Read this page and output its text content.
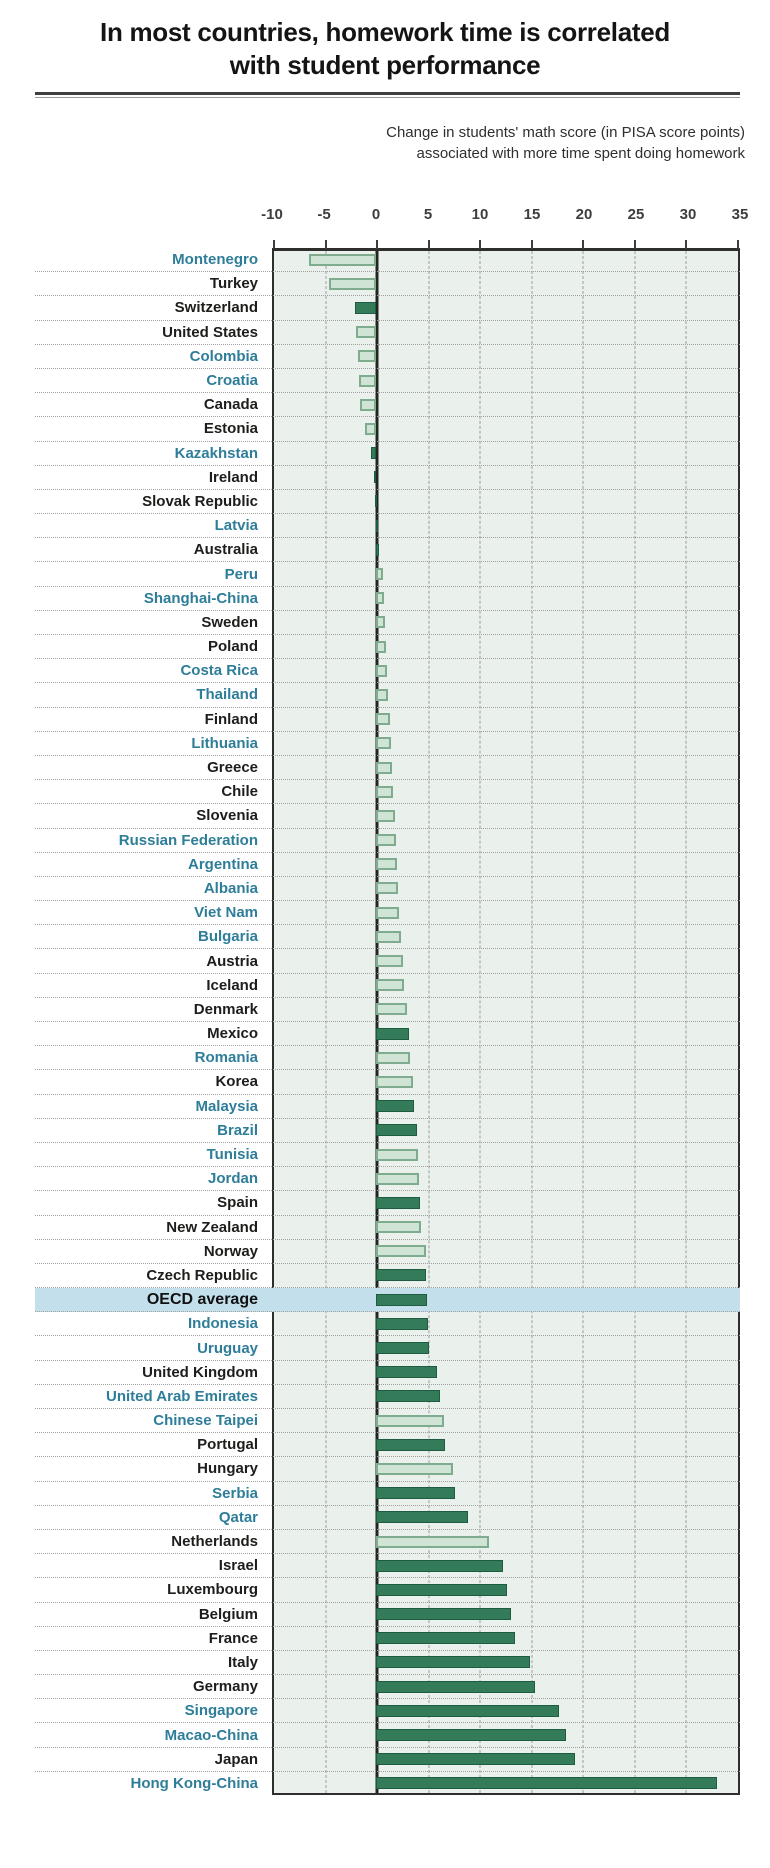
In most countries, homework time is correlated
with student performance
Change in students' math score (in PISA score points)
associated with more time spent doing homework
-10 -5	0	5	10 15 20 25 30 35
Montenegro
Turkey
Switzerland
United States
Colombia
Croatia
Canada
Estonia
Kazakhstan
Ireland
Slovak Republic
Latvia
Australia
Peru
Shanghai-China
Sweden
Poland
Costa Rica
Thailand
Finland
Lithuania
Greece
Chile
Slovenia
Russian Federation
Argentina
Albania
Viet Nam
Bulgaria
Austria
Iceland
Denmark
Mexico
Romania
Korea
Malaysia
Brazil
Tunisia
Jordan
Spain
New Zealand
Norway
Czech Republic
OECD average
Indonesia
Uruguay
United Kingdom
United Arab Emirates
Chinese Taipei
Portugal
Hungary
Serbia
Qatar
Netherlands
Israel
Luxembourg
Belgium
France
Italy
Germany
Singapore
Macao-China
Japan
Hong Kong-China
